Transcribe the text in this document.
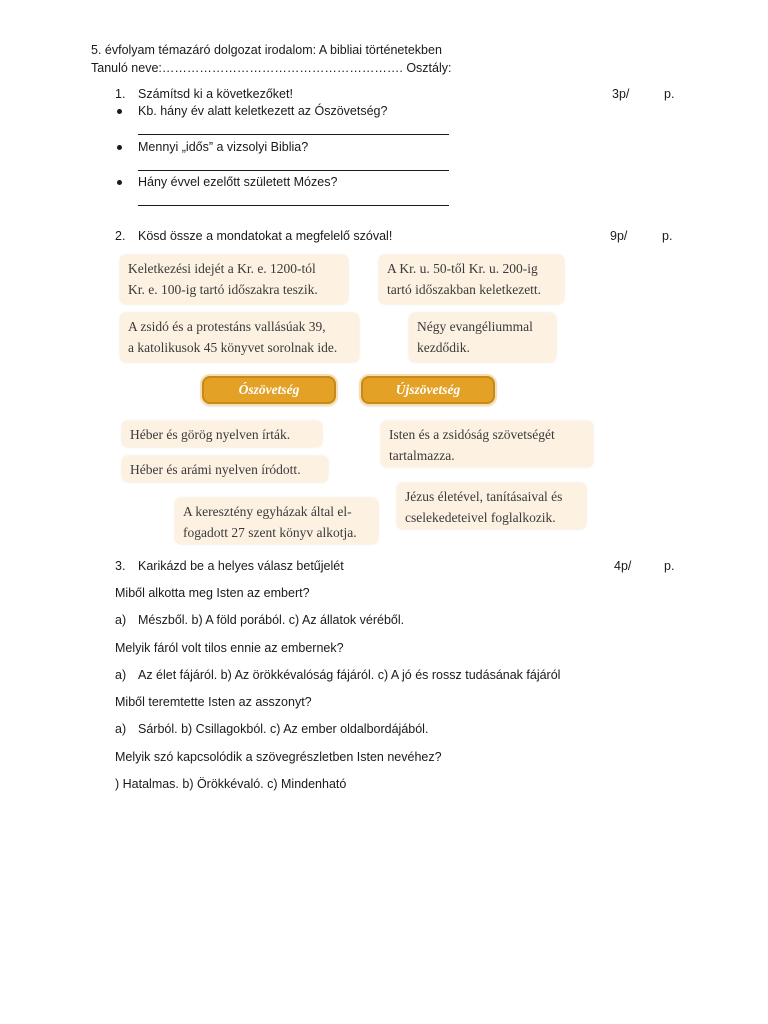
5. évfolyam témazáró dolgozat irodalom: A bibliai történetekben
Tanuló neve:…………………………………………………. Osztály:
1. Számítsd ki a következőket!	3p/	p.
Kb. hány év alatt keletkezett az Ószövetség?
Mennyi „idős” a vizsolyi Biblia?
Hány évvel ezelőtt született Mózes?
2. Kösd össze a mondatokat a megfelelő szóval!	9p/	p.
Keletkezési idejét a Kr. e. 1200-tól
Kr. e. 100-ig tartó időszakra teszik.
A Kr. u. 50-től Kr. u. 200-ig
tartó időszakban keletkezett.
A zsidó és a protestáns vallásúak 39,
a katolikusok 45 könyvet sorolnak ide.
Négy evangéliummal
kezdődik.
Ószövetség	Újszövetség
Héber és görög nyelven írták.	Isten és a zsidóság szövetségét
tartalmazza.
Héber és arámi nyelven íródott.
Jézus életével, tanításaival és
cselekedeteivel foglalkozik.
A keresztény egyházak által el-
fogadott 27 szent könyv alkotja.
3. Karikázd be a helyes válasz betűjelét	4p/	p.
Miből alkotta meg Isten az embert?
a) Mészből. b) A föld porából. c) Az állatok véréből.
Melyik fáról volt tilos ennie az embernek?
a) Az élet fájáról. b) Az örökkévalóság fájáról. c) A jó és rossz tudásának fájáról
Miből teremtette Isten az asszonyt?
a) Sárból. b) Csillagokból. c) Az ember oldalbordájából.
Melyik szó kapcsolódik a szövegrészletben Isten nevéhez?
) Hatalmas. b) Örökkévaló. c) Mindenható
